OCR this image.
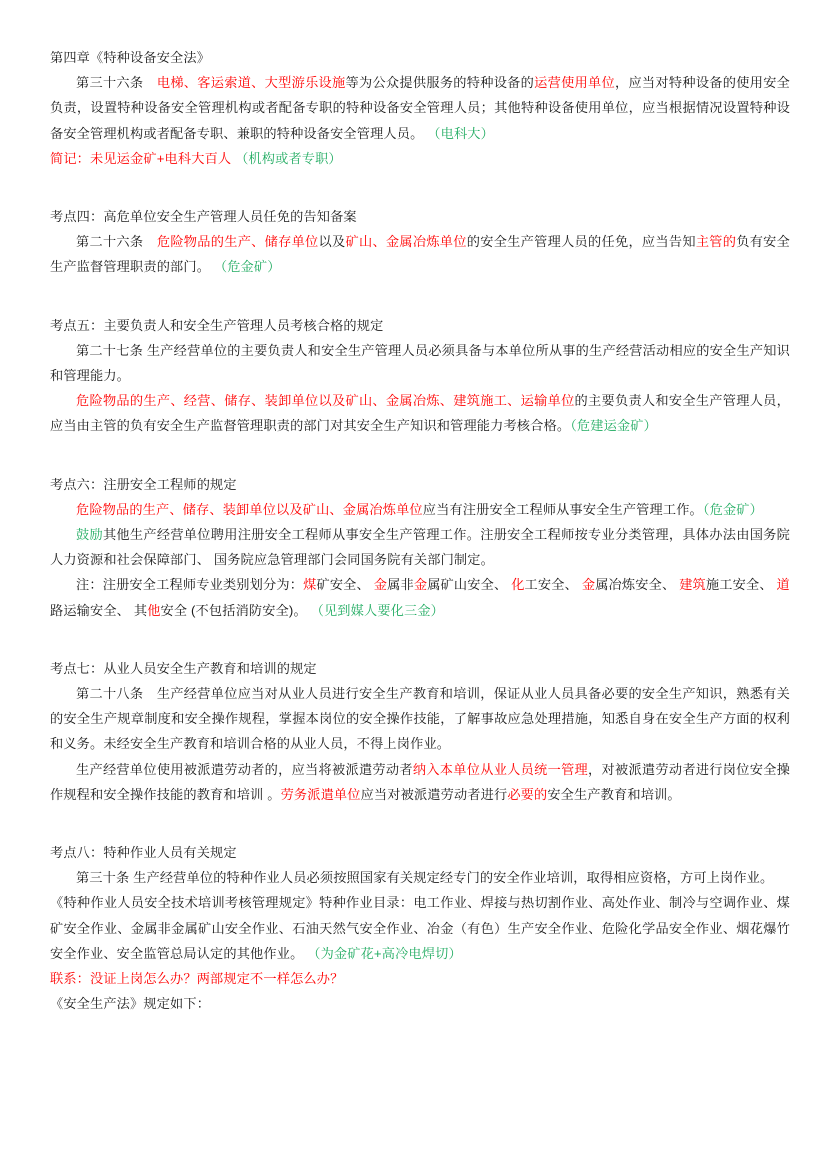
第四章《特种设备安全法》

第三十六条　 电梯、客运索道、大型游乐设施等为公众提供服务的特种设备的运营使用单位，应当对特种设备的使用安全负责，设置特种设备安全管理机构或者配备专职的特种设备安全管理人员；其他特种设备使用单位，应当根据情况设置特种设备安全管理机构或者配备专职、兼职的特种设备安全管理人员。 （电科大）

简记：未见运金矿+电科大百人 （机构或者专职）

考点四：高危单位安全生产管理人员任免的告知备案

第二十六条　 危险物品的生产、储存单位以及矿山、金属冶炼单位的安全生产管理人员的任免，应当告知主管的负有安全生产监督管理职责的部门。 （危金矿）

考点五：主要负责人和安全生产管理人员考核合格的规定

第二十七条 生产经营单位的主要负责人和安全生产管理人员必须具备与本单位所从事的生产经营活动相应的安全生产知识和管理能力。

危险物品的生产、经营、储存、装卸单位以及矿山、金属冶炼、建筑施工、运输单位的主要负责人和安全生产管理人员，应当由主管的负有安全生产监督管理职责的部门对其安全生产知识和管理能力考核合格。（危建运金矿）

考点六：注册安全工程师的规定

危险物品的生产、储存、装卸单位以及矿山、金属冶炼单位应当有注册安全工程师从事安全生产管理工作。（危金矿）

鼓励其他生产经营单位聘用注册安全工程师从事安全生产管理工作。注册安全工程师按专业分类管理，具体办法由国务院人力资源和社会保障部门、 国务院应急管理部门会同国务院有关部门制定。

注：注册安全工程师专业类别划分为：煤矿安全、 金属非金属矿山安全、 化工安全、 金属冶炼安全、 建筑施工安全、 道路运输安全、 其他安全 (不包括消防安全)。 （见到媒人要化三金）

考点七：从业人员安全生产教育和培训的规定

第二十八条　生产经营单位应当对从业人员进行安全生产教育和培训，保证从业人员具备必要的安全生产知识，熟悉有关的安全生产规章制度和安全操作规程，掌握本岗位的安全操作技能，了解事故应急处理措施，知悉自身在安全生产方面的权利和义务。未经安全生产教育和培训合格的从业人员，不得上岗作业。

生产经营单位使用被派遣劳动者的，应当将被派遣劳动者纳入本单位从业人员统一管理，对被派遣劳动者进行岗位安全操作规程和安全操作技能的教育和培训 。劳务派遣单位应当对被派遣劳动者进行必要的安全生产教育和培训。

考点八：特种作业人员有关规定

第三十条 生产经营单位的特种作业人员必须按照国家有关规定经专门的安全作业培训，取得相应资格，方可上岗作业。

《特种作业人员安全技术培训考核管理规定》特种作业目录：电工作业、焊接与热切割作业、高处作业、制冷与空调作业、煤矿安全作业、金属非金属矿山安全作业、石油天然气安全作业、冶金（有色）生产安全作业、危险化学品安全作业、烟花爆竹安全作业、安全监管总局认定的其他作业。 （为金矿花+高冷电焊切）

联系：没证上岗怎么办？两部规定不一样怎么办？

《安全生产法》规定如下：
